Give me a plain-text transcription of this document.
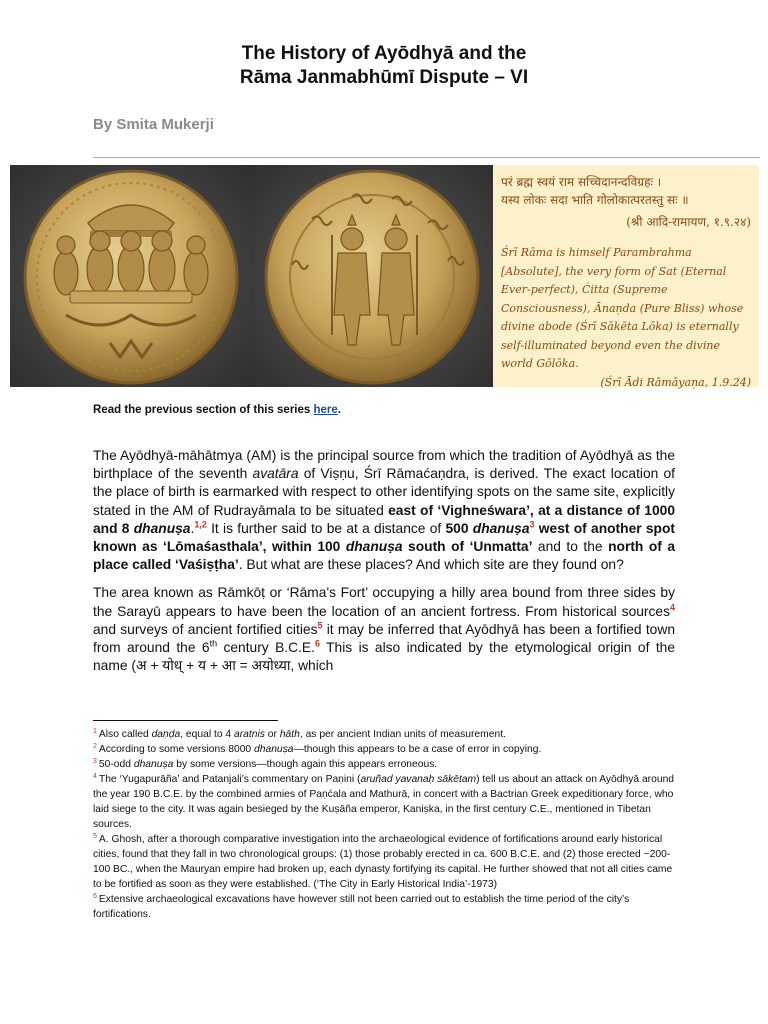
The History of Ayōdhyā and the
Rāma Janmabhūmī Dispute – VI
By Smita Mukerji
परं ब्रह्म स्वयं राम सच्चिदानन्दविग्रहः ।
यस्य लोकः सदा भाति गोलोकात्परतस्तु सः ॥
(श्री आदि-रामायण, १.९.२४)
Śrī Rāma is himself Parambrahma [Absolute], the very form of Sat (Eternal Ever-perfect), Ćitta (Supreme Consciousness), Ānaṇda (Pure Bliss) whose divine abode (Śrī Sākēta Lōka) is eternally self-illuminated beyond even the divine world Gōlōka.
(Śrī Ādi Rāmāyaṇa, 1.9.24)
Read the previous section of this series here.

The Ayōdhyā-māhātmya (AM) is the principal source from which the tradition of Ayōdhyā as the birthplace of the seventh avatāra of Viṣṇu, Śrī Rāmaćaṇdra, is derived. The exact location of the place of birth is earmarked with respect to other identifying spots on the same site, explicitly stated in the AM of Rudrayāmala to be situated east of ‘Vighneśwara’, at a distance of 1000 and 8 dhanuṣa.$^{1,2}$ It is further said to be at a distance of 500 dhanuṣa$^3$ west of another spot known as ‘Lōmaśasthala’, within 100 dhanuṣa south of ‘Unmatta’ and to the north of a place called ‘Vaśiṣṭha’. But what are these places? And which site are they found on?

The area known as Rāmkōṭ or ‘Rāma's Fort’ occupying a hilly area bound from three sides by the Sarayū appears to have been the location of an ancient fortress. From historical sources$^4$ and surveys of ancient fortified cities$^5$ it may be inferred that Ayōdhyā has been a fortified town from around the 6th century B.C.E.$^6$ This is also indicated by the etymological origin of the name (अ + योध् + य + आ = अयोध्या, which

$^1$ Also called daṇḍa, equal to 4 aratnis or hāth, as per ancient Indian units of measurement.

$^2$ According to some versions 8000 dhanuṣa—though this appears to be a case of error in copying.

$^3$ 50-odd dhanuṣa by some versions—though again this appears erroneous.

$^4$ The ‘Yugapurāña’ and Patanjali’s commentary on Paṇini (aruñad yavanaḥ sākētam) tell us about an attack on Ayōdhyā around the year 190 B.C.E. by the combined armies of Paṇćala and Mathurā, in concert with a Bactrian Greek expeditionary force, who laid siege to the city. It was again besieged by the Kuṣāña emperor, Kaniṣka, in the first century C.E., mentioned in Tibetan sources.

$^5$ A. Ghosh, after a thorough comparative investigation into the archaeological evidence of fortifications around early historical cities, found that they fall in two chronological groups: (1) those probably erected in ca. 600 B.C.E. and (2) those erected ~200-100 BC., when the Mauryan empire had broken up, each dynasty fortifying its capital. He further showed that not all cities came to be fortified as soon as they were established. (‘The City in Early Historical India’-1973)

$^6$ Extensive archaeological excavations have however still not been carried out to establish the time period of the city’s fortifications.
